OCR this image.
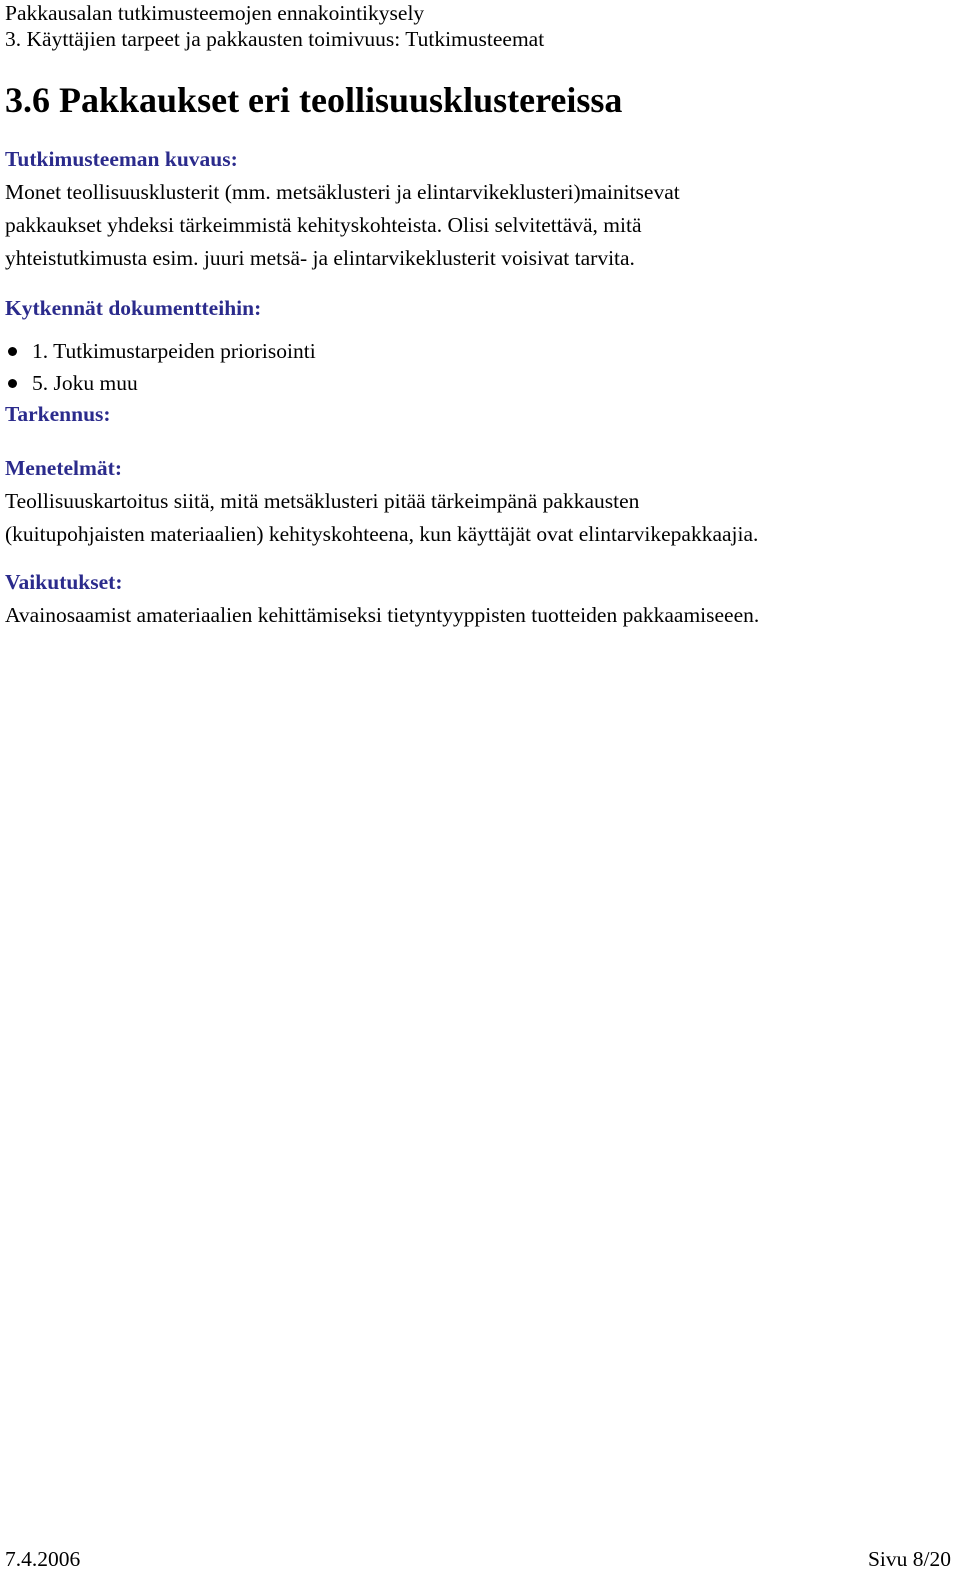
Pakkausalan tutkimusteemojen ennakointikysely
3. Käyttäjien tarpeet ja pakkausten toimivuus: Tutkimusteemat
3.6 Pakkaukset eri teollisuusklustereissa
Tutkimusteeman kuvaus:
Monet teollisuusklusterit (mm. metsäklusteri ja elintarvikeklusteri)mainitsevat
pakkaukset yhdeksi tärkeimmistä kehityskohteista. Olisi selvitettävä, mitä
yhteistutkimusta esim. juuri metsä- ja elintarvikeklusterit voisivat tarvita.
Kytkennät dokumentteihin:
1. Tutkimustarpeiden priorisointi
5. Joku muu
Tarkennus:
Menetelmät:
Teollisuuskartoitus siitä, mitä metsäklusteri pitää tärkeimpänä pakkausten
(kuitupohjaisten materiaalien) kehityskohteena, kun käyttäjät ovat elintarvikepakkaajia.
Vaikutukset:
Avainosaamist amateriaalien kehittämiseksi tietyntyyppisten tuotteiden pakkaamiseeen.
7.4.2006	Sivu 8/20
